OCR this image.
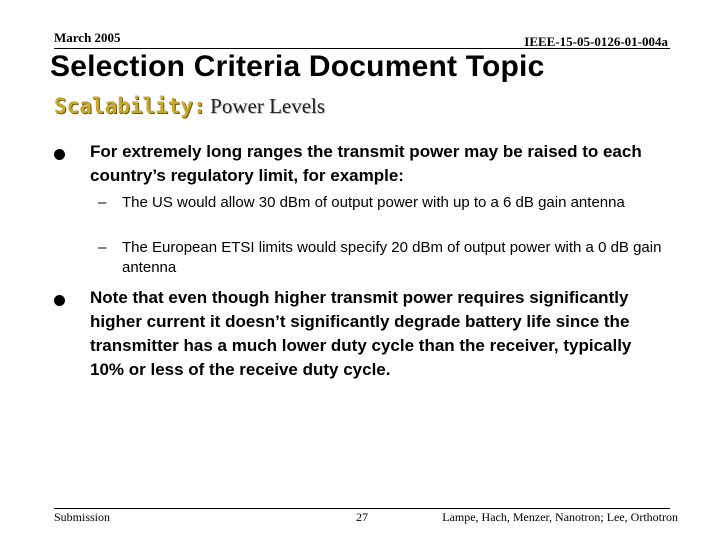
March 2005	IEEE-15-05-0126-01-004a
Selection Criteria Document Topic
Scalability: Power Levels
For extremely long ranges the transmit power may be raised to each country’s regulatory limit, for example:
– The US would allow 30 dBm of output power with up to a 6 dB gain antenna
– The European ETSI limits would specify 20 dBm of output power with a 0 dB gain antenna
Note that even though higher transmit power requires significantly higher current it doesn’t significantly degrade battery life since the transmitter has a much lower duty cycle than the receiver, typically 10% or less of the receive duty cycle.
Submission	27	Lampe, Hach, Menzer, Nanotron; Lee, Orthotron
